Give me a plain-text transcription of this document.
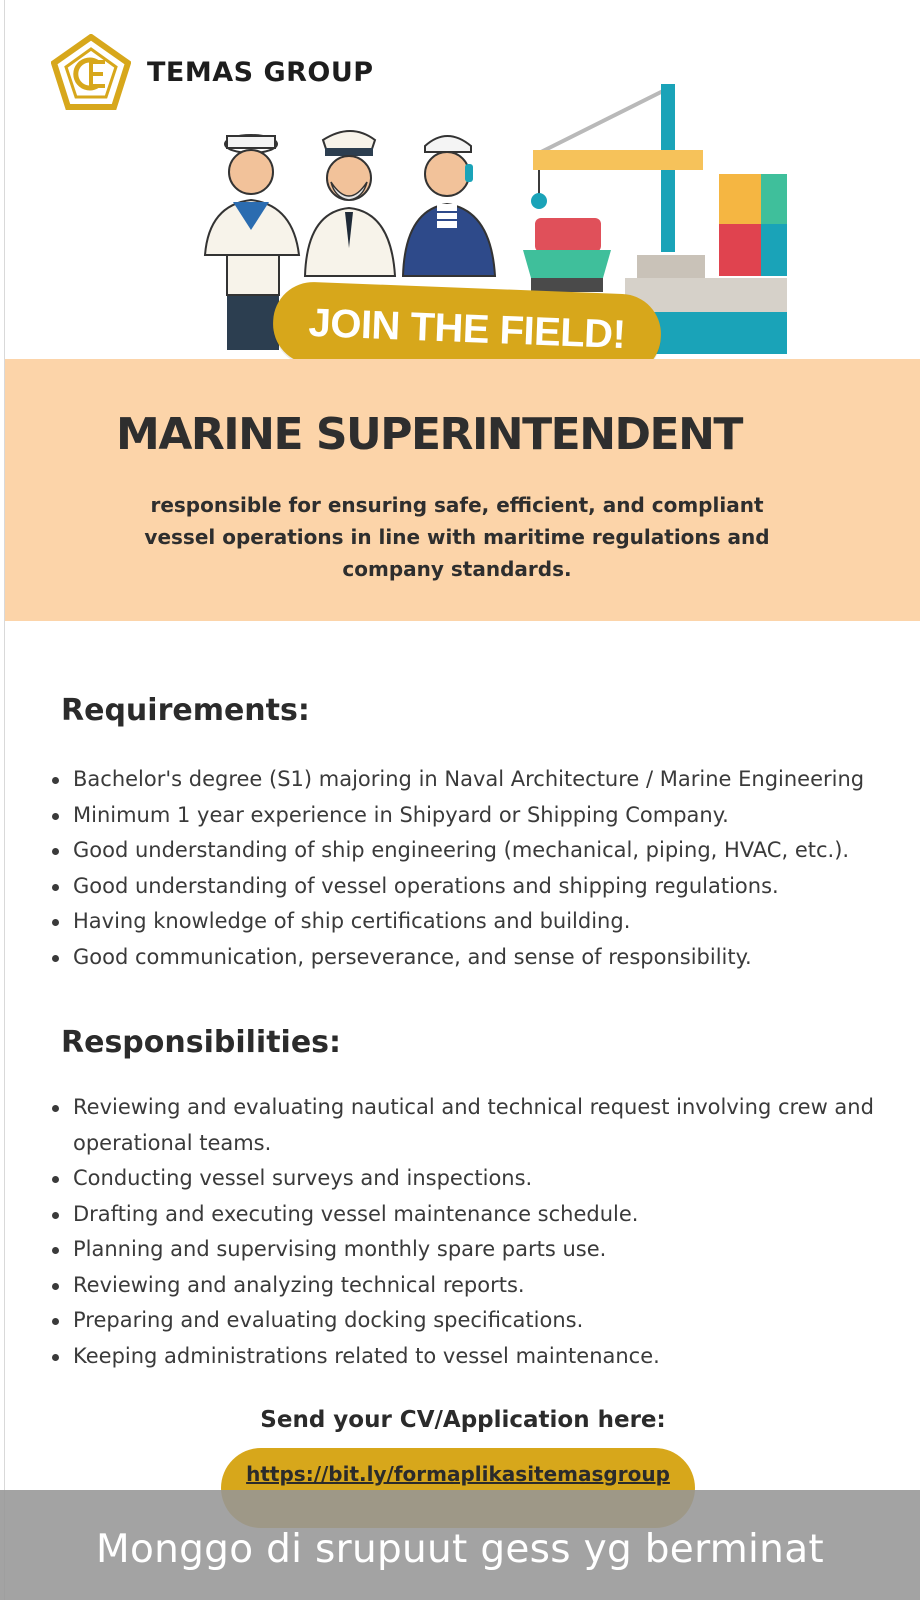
TEMAS GROUP
JOIN THE FIELD!
MARINE SUPERINTENDENT
responsible for ensuring safe, efficient, and compliant vessel operations in line with maritime regulations and company standards.
Requirements:
Bachelor's degree (S1) majoring in Naval Architecture / Marine Engineering
Minimum 1 year experience in Shipyard or Shipping Company.
Good understanding of ship engineering (mechanical, piping, HVAC, etc.).
Good understanding of vessel operations and shipping regulations.
Having knowledge of ship certifications and building.
Good communication, perseverance, and sense of responsibility.
Responsibilities:
Reviewing and evaluating nautical and technical request involving crew and operational teams.
Conducting vessel surveys and inspections.
Drafting and executing vessel maintenance schedule.
Planning and supervising monthly spare parts use.
Reviewing and analyzing technical reports.
Preparing and evaluating docking specifications.
Keeping administrations related to vessel maintenance.
Send your CV/Application here:
https://bit.ly/formaplikasitemasgroup
Monggo di srupuut gess yg berminat
